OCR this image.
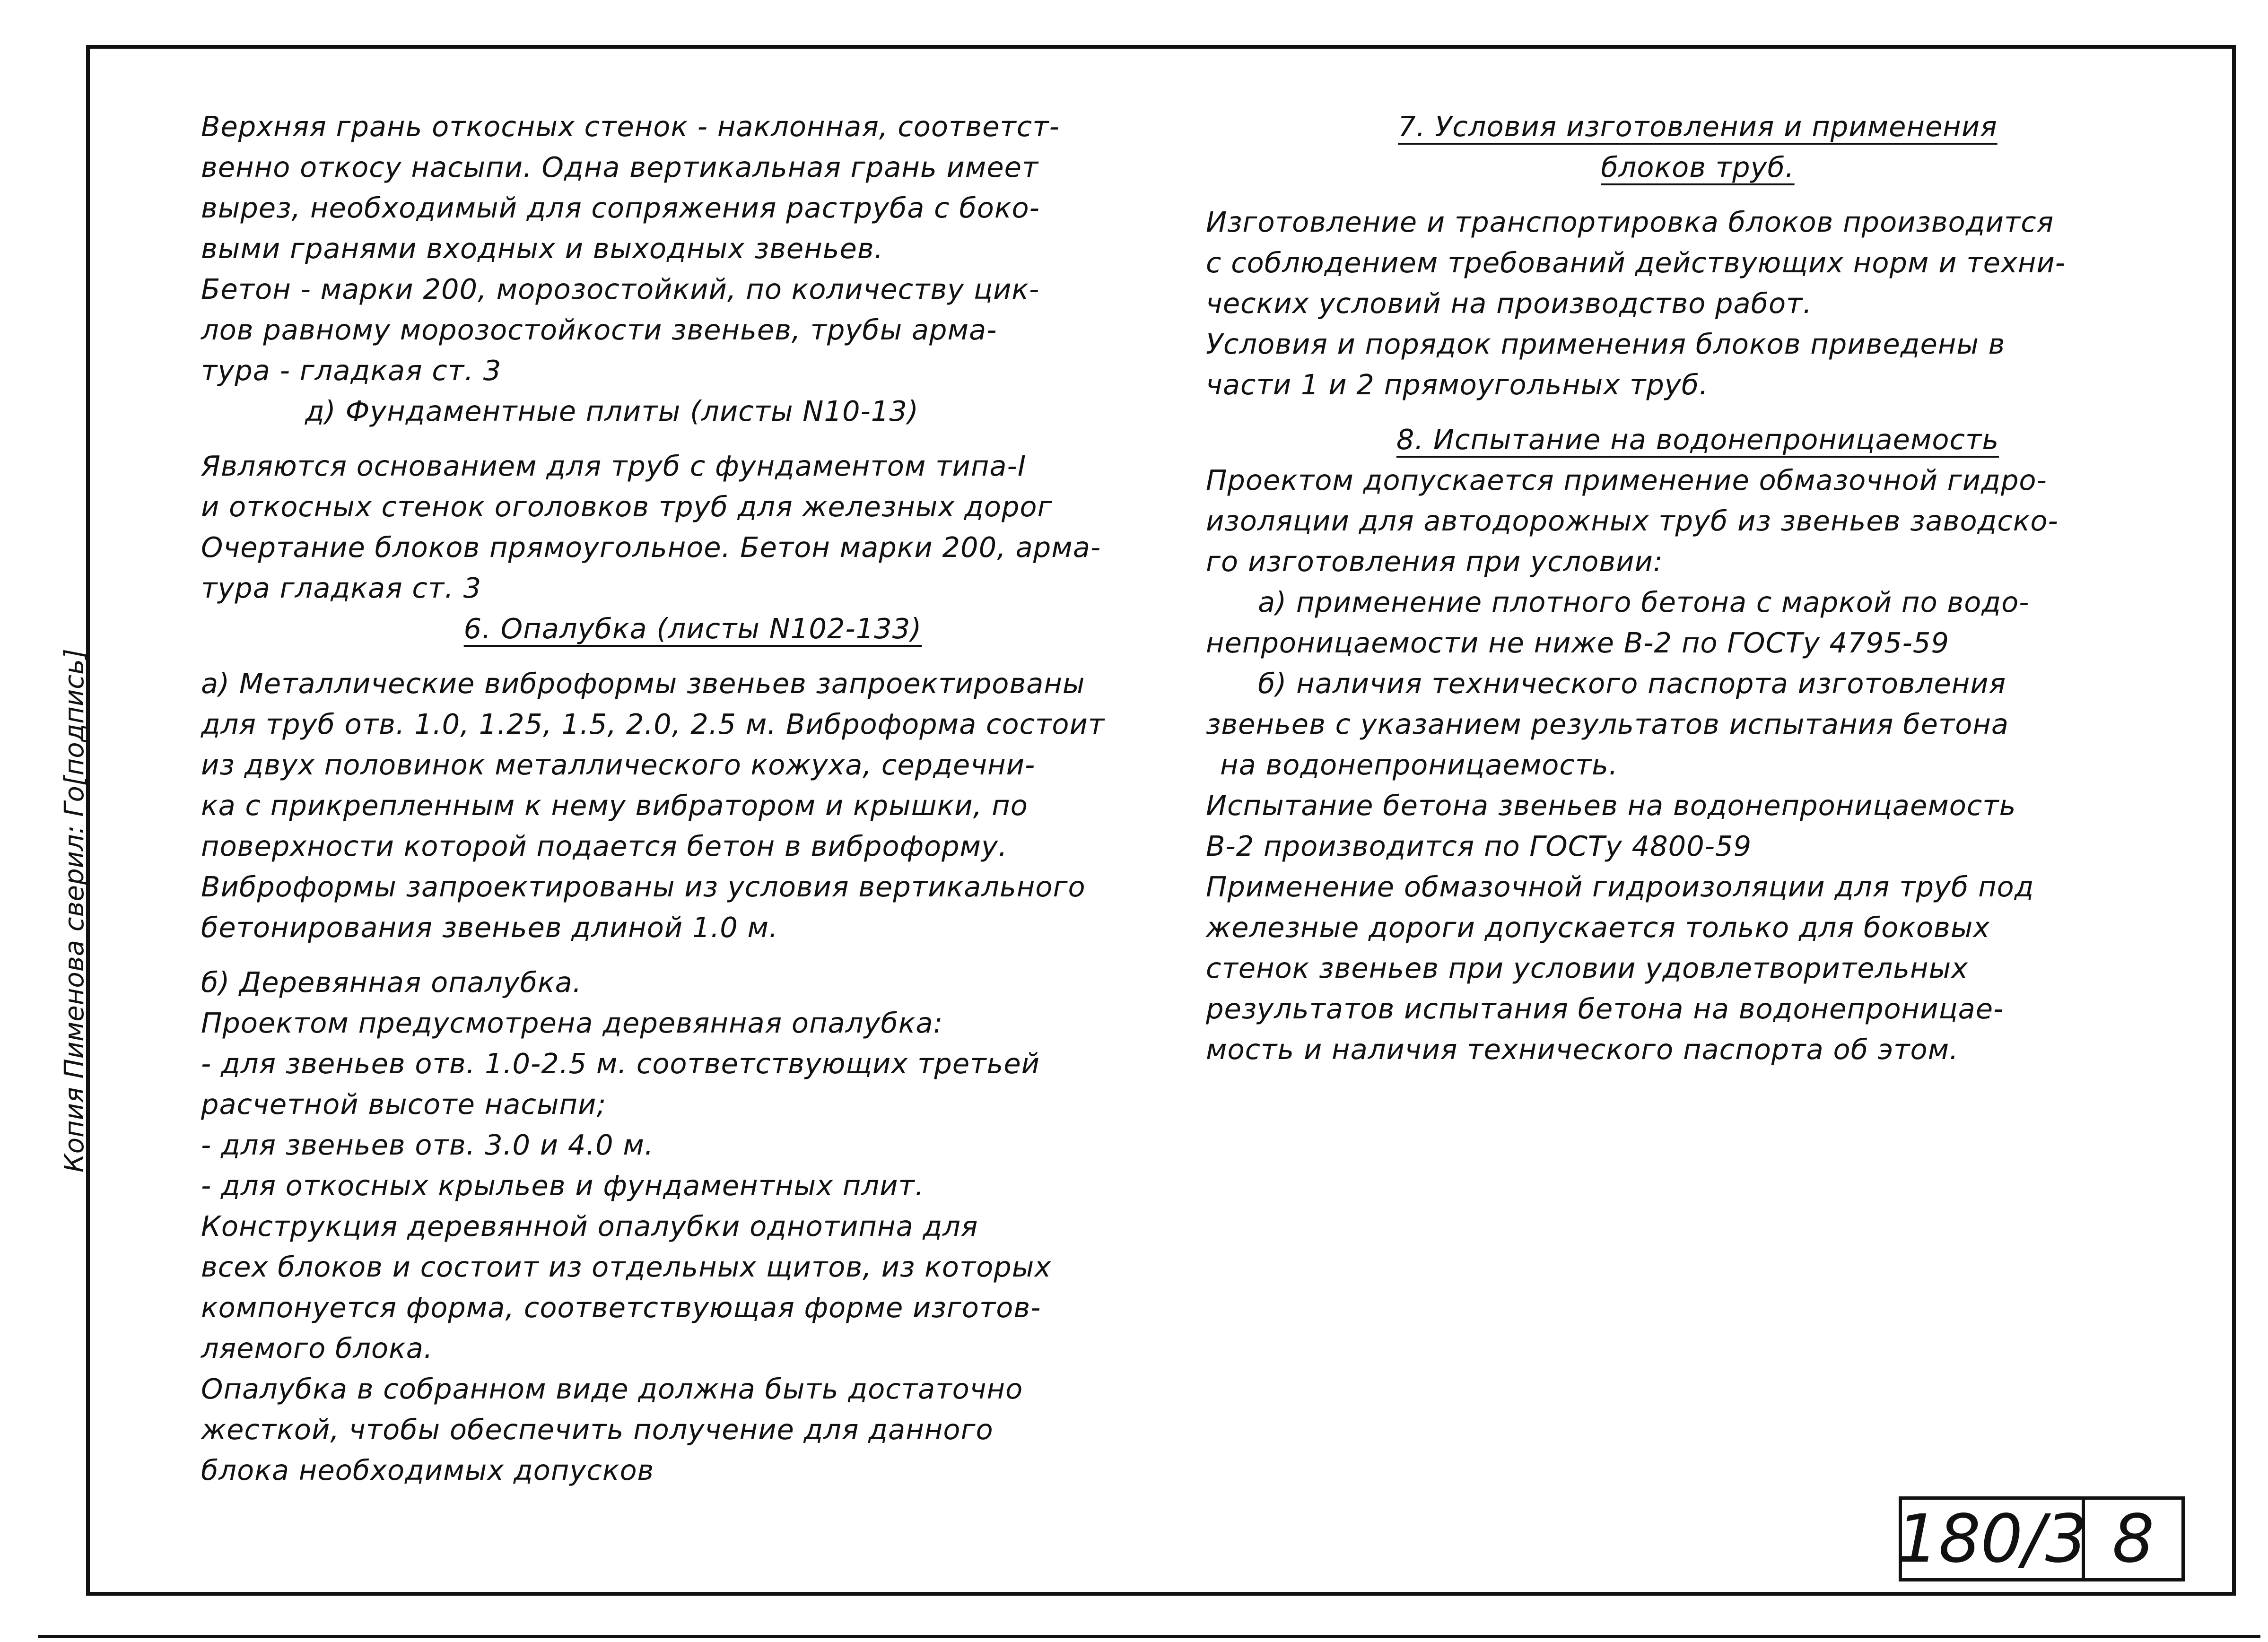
Копия Пименова сверил: Го[подпись]
Верхняя грань откосных стенок - наклонная, соответст-
венно откосу насыпи. Одна вертикальная грань имеет
вырез, необходимый для сопряжения раструба с боко-
выми гранями входных и выходных звеньев.
Бетон - марки 200, морозостойкий, по количеству цик-
лов равному морозостойкости звеньев, трубы арма-
тура - гладкая ст. 3
д) Фундаментные плиты (листы N10-13)
Являются основанием для труб с фундаментом типа-I
и откосных стенок оголовков труб для железных дорог
Очертание блоков прямоугольное. Бетон марки 200, арма-
тура гладкая ст. 3
6. Опалубка (листы N102-133)
а) Металлические виброформы звеньев запроектированы
для труб отв. 1.0, 1.25, 1.5, 2.0, 2.5 м. Виброформа состоит
из двух половинок металлического кожуха, сердечни-
ка с прикрепленным к нему вибратором и крышки, по
поверхности которой подается бетон в виброформу.
Виброформы запроектированы из условия вертикального
бетонирования звеньев длиной 1.0 м.
б) Деревянная опалубка.
Проектом предусмотрена деревянная опалубка:
- для звеньев отв. 1.0-2.5 м. соответствующих третьей
расчетной высоте насыпи;
- для звеньев отв. 3.0 и 4.0 м.
- для откосных крыльев и фундаментных плит.
Конструкция деревянной опалубки однотипна для
всех блоков и состоит из отдельных щитов, из которых
компонуется форма, соответствующая форме изготов-
ляемого блока.
Опалубка в собранном виде должна быть достаточно
жесткой, чтобы обеспечить получение для данного
блока необходимых допусков
7. Условия изготовления и применения
блоков труб.
Изготовление и транспортировка блоков производится
с соблюдением требований действующих норм и техни-
ческих условий на производство работ.
Условия и порядок применения блоков приведены в
части 1 и 2 прямоугольных труб.
8. Испытание на водонепроницаемость
Проектом допускается применение обмазочной гидро-
изоляции для автодорожных труб из звеньев заводско-
го изготовления при условии:
а) применение плотного бетона с маркой по водо-
непроницаемости не ниже В-2 по ГОСТу 4795-59
б) наличия технического паспорта изготовления
звеньев с указанием результатов испытания бетона
на водонепроницаемость.
Испытание бетона звеньев на водонепроницаемость
В-2 производится по ГОСТу 4800-59
Применение обмазочной гидроизоляции для труб под
железные дороги допускается только для боковых
стенок звеньев при условии удовлетворительных
результатов испытания бетона на водонепроницае-
мость и наличия технического паспорта об этом.
180/3 8
